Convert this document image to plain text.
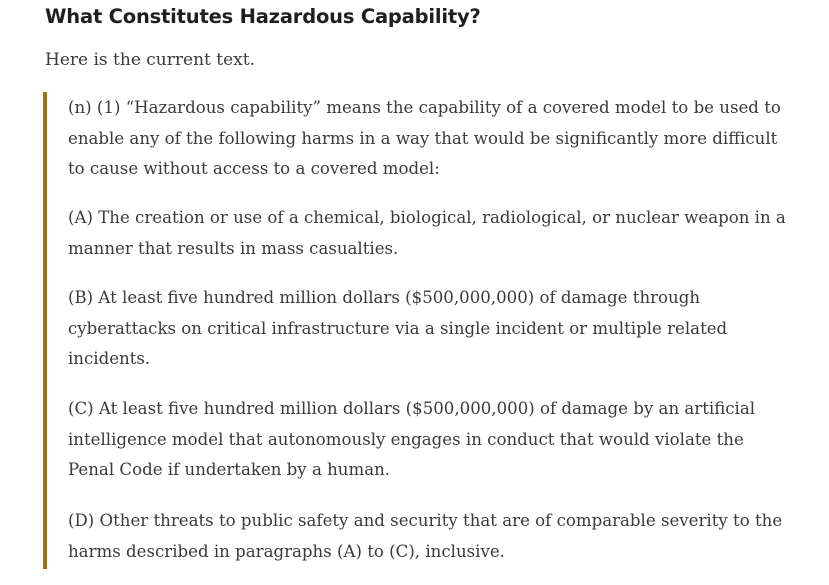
What Constitutes Hazardous Capability?

Here is the current text.

(n) (1) “Hazardous capability” means the capability of a covered model to be used to enable any of the following harms in a way that would be significantly more difficult to cause without access to a covered model:

(A) The creation or use of a chemical, biological, radiological, or nuclear weapon in a manner that results in mass casualties.

(B) At least five hundred million dollars ($500,000,000) of damage through cyberattacks on critical infrastructure via a single incident or multiple related incidents.

(C) At least five hundred million dollars ($500,000,000) of damage by an artificial intelligence model that autonomously engages in conduct that would violate the Penal Code if undertaken by a human.

(D) Other threats to public safety and security that are of comparable severity to the harms described in paragraphs (A) to (C), inclusive.
